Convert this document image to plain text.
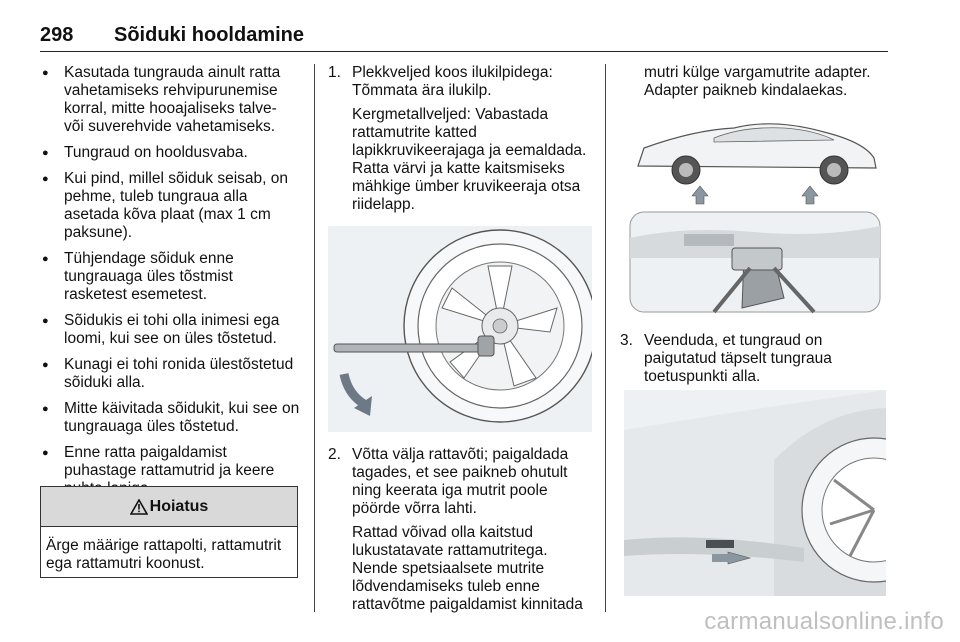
298 Sõiduki hooldamine
● Kasutada tungrauda ainult ratta vahetamiseks rehvipurunemise korral, mitte hooajaliseks talve- või suverehvide vahetamiseks.
● Tungraud on hooldusvaba.
● Kui pind, millel sõiduk seisab, on pehme, tuleb tungraua alla asetada kõva plaat (max 1 cm paksune).
● Tühjendage sõiduk enne tungrauaga üles tõstmist rasketest esemetest.
● Sõidukis ei tohi olla inimesi ega loomi, kui see on üles tõstetud.
● Kunagi ei tohi ronida ülestõstetud sõiduki alla.
● Mitte käivitada sõidukit, kui see on tungrauaga üles tõstetud.
● Enne ratta paigaldamist puhastage rattamutrid ja keere
Hoiatus
Ärge määrige rattapolti, rattamutrit ega rattamutri koonust.
1. Plekkveljed koos ilukilpidega: Tõmmata ära ilukilp.

Kergmetallveljed: Vabastada rattamutrite katted lapikkruvikeerajaga ja eemaldada. Ratta värvi ja katte kaitsmiseks mähkige ümber kruvikeeraja otsa riidelapp.

2. Võtta välja rattavõti; paigaldada tagades, et see paikneb ohutult ning keerata iga mutrit poole pöörde võrra lahti.

Rattad võivad olla kaitstud lukustatavate rattamutritega. Nende spetsiaalsete mutrite lõdvendamiseks tuleb enne rattavõtme paigaldamist kinnitada

mutri külge vargamutrite adapter. Adapter paikneb kindalaekas.

3. Veenduda, et tungraud on paigutatud täpselt tungraua toetuspunkti alla.

carmanualsonline.info
